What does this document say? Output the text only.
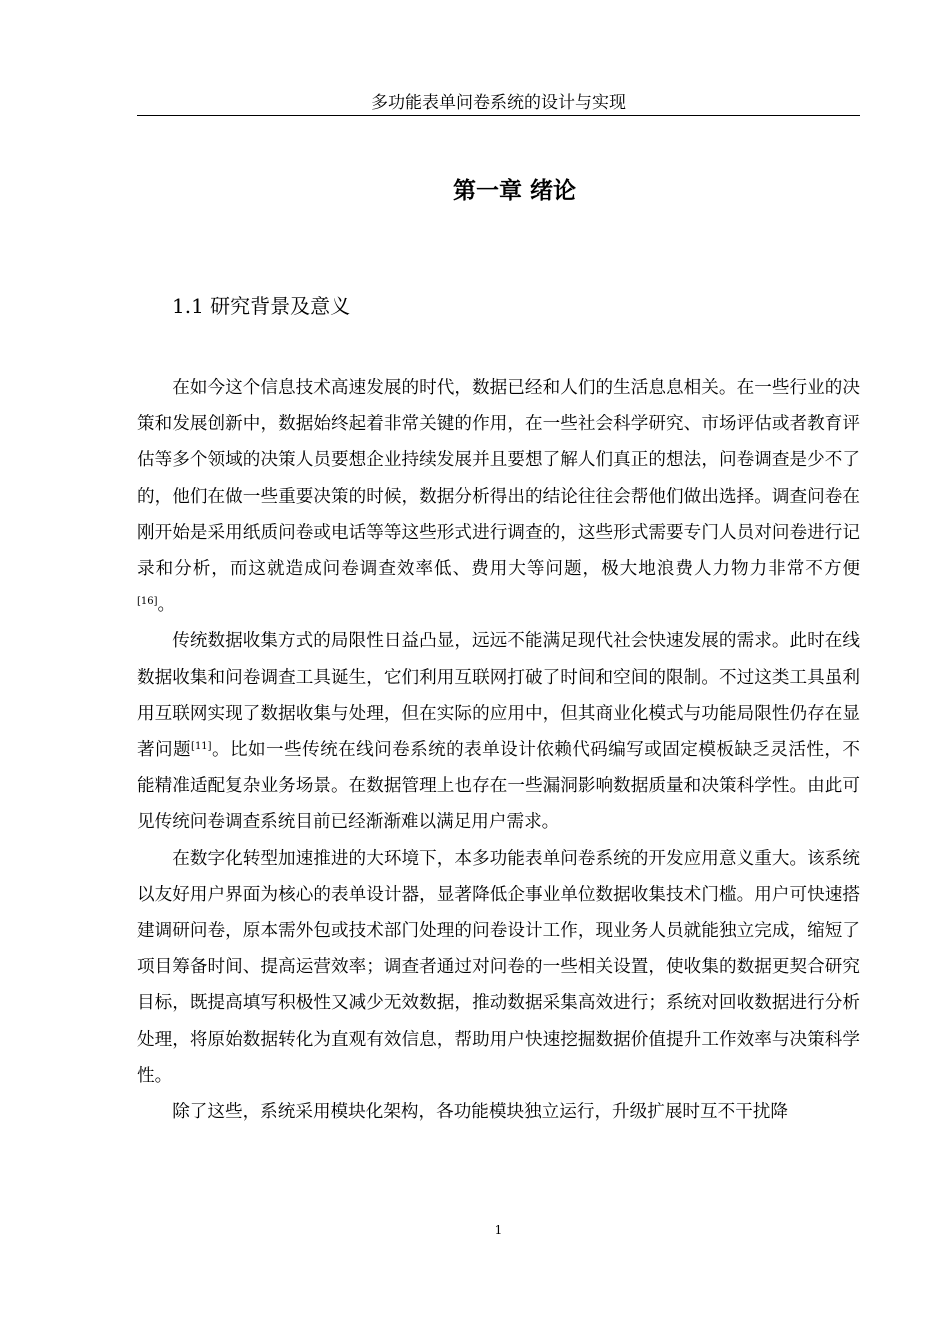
多功能表单问卷系统的设计与实现
第一章 绪论
1.1 研究背景及意义

在如今这个信息技术高速发展的时代，数据已经和人们的生活息息相关。在一些行业的决策和发展创新中，数据始终起着非常关键的作用，在一些社会科学研究、市场评估或者教育评估等多个领域的决策人员要想企业持续发展并且要想了解人们真正的想法，问卷调查是少不了的，他们在做一些重要决策的时候，数据分析得出的结论往往会帮他们做出选择。调查问卷在刚开始是采用纸质问卷或电话等等这些形式进行调查的，这些形式需要专门人员对问卷进行记录和分析，而这就造成问卷调查效率低、费用大等问题，极大地浪费人力物力非常不方便[16]。

传统数据收集方式的局限性日益凸显，远远不能满足现代社会快速发展的需求。此时在线数据收集和问卷调查工具诞生，它们利用互联网打破了时间和空间的限制。不过这类工具虽利用互联网实现了数据收集与处理，但在实际的应用中，但其商业化模式与功能局限性仍存在显著问题[11]。比如一些传统在线问卷系统的表单设计依赖代码编写或固定模板缺乏灵活性，不能精准适配复杂业务场景。在数据管理上也存在一些漏洞影响数据质量和决策科学性。由此可见传统问卷调查系统目前已经渐渐难以满足用户需求。

在数字化转型加速推进的大环境下，本多功能表单问卷系统的开发应用意义重大。该系统以友好用户界面为核心的表单设计器，显著降低企事业单位数据收集技术门槛。用户可快速搭建调研问卷，原本需外包或技术部门处理的问卷设计工作，现业务人员就能独立完成，缩短了项目筹备时间、提高运营效率；调查者通过对问卷的一些相关设置，使收集的数据更契合研究目标，既提高填写积极性又减少无效数据，推动数据采集高效进行；系统对回收数据进行分析处理，将原始数据转化为直观有效信息，帮助用户快速挖掘数据价值提升工作效率与决策科学性。

除了这些，系统采用模块化架构，各功能模块独立运行，升级扩展时互不干扰降

1
